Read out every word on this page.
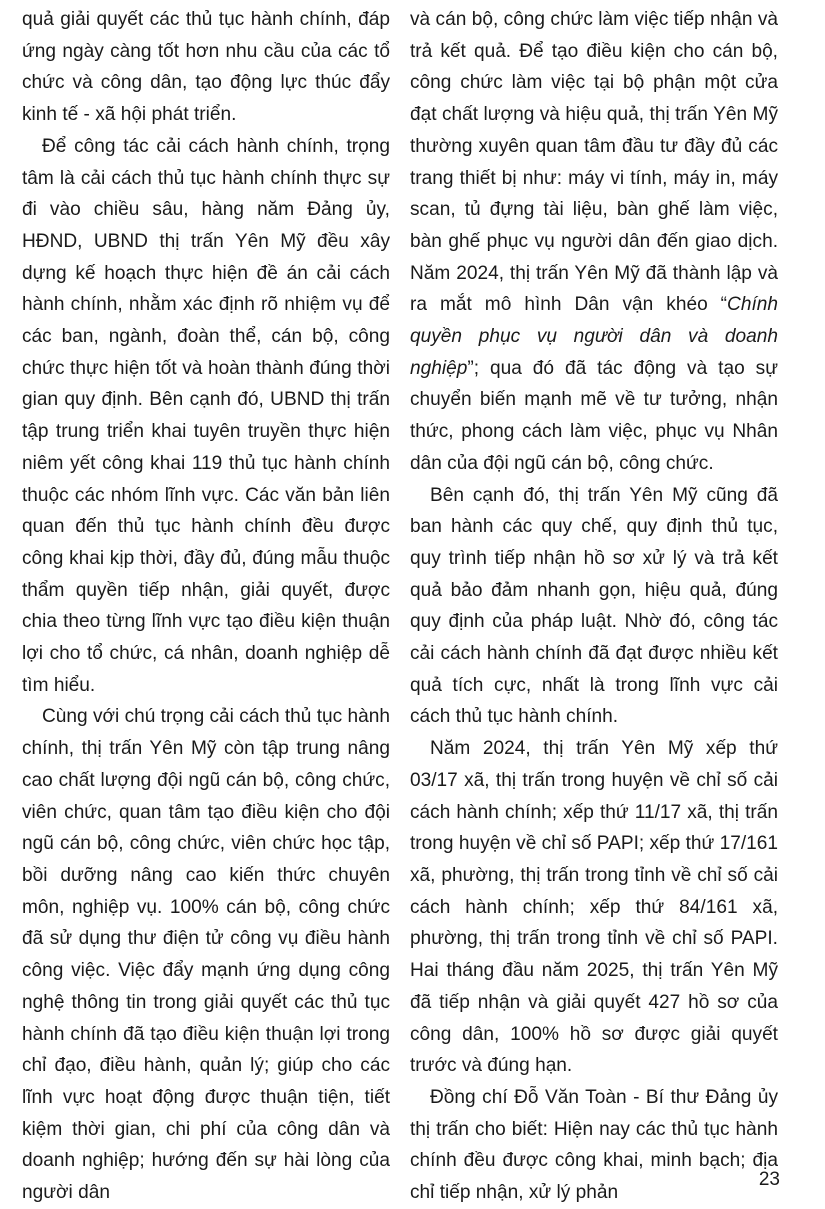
quả giải quyết các thủ tục hành chính, đáp ứng ngày càng tốt hơn nhu cầu của các tổ chức và công dân, tạo động lực thúc đẩy kinh tế - xã hội phát triển.

Để công tác cải cách hành chính, trọng tâm là cải cách thủ tục hành chính thực sự đi vào chiều sâu, hàng năm Đảng ủy, HĐND, UBND thị trấn Yên Mỹ đều xây dựng kế hoạch thực hiện đề án cải cách hành chính, nhằm xác định rõ nhiệm vụ để các ban, ngành, đoàn thể, cán bộ, công chức thực hiện tốt và hoàn thành đúng thời gian quy định. Bên cạnh đó, UBND thị trấn tập trung triển khai tuyên truyền thực hiện niêm yết công khai 119 thủ tục hành chính thuộc các nhóm lĩnh vực. Các văn bản liên quan đến thủ tục hành chính đều được công khai kịp thời, đầy đủ, đúng mẫu thuộc thẩm quyền tiếp nhận, giải quyết, được chia theo từng lĩnh vực tạo điều kiện thuận lợi cho tổ chức, cá nhân, doanh nghiệp dễ tìm hiểu.

Cùng với chú trọng cải cách thủ tục hành chính, thị trấn Yên Mỹ còn tập trung nâng cao chất lượng đội ngũ cán bộ, công chức, viên chức, quan tâm tạo điều kiện cho đội ngũ cán bộ, công chức, viên chức học tập, bồi dưỡng nâng cao kiến thức chuyên môn, nghiệp vụ. 100% cán bộ, công chức đã sử dụng thư điện tử công vụ điều hành công việc. Việc đẩy mạnh ứng dụng công nghệ thông tin trong giải quyết các thủ tục hành chính đã tạo điều kiện thuận lợi trong chỉ đạo, điều hành, quản lý; giúp cho các lĩnh vực hoạt động được thuận tiện, tiết kiệm thời gian, chi phí của công dân và doanh nghiệp; hướng đến sự hài lòng của người dân

và cán bộ, công chức làm việc tiếp nhận và trả kết quả. Để tạo điều kiện cho cán bộ, công chức làm việc tại bộ phận một cửa đạt chất lượng và hiệu quả, thị trấn Yên Mỹ thường xuyên quan tâm đầu tư đầy đủ các trang thiết bị như: máy vi tính, máy in, máy scan, tủ đựng tài liệu, bàn ghế làm việc, bàn ghế phục vụ người dân đến giao dịch. Năm 2024, thị trấn Yên Mỹ đã thành lập và ra mắt mô hình Dân vận khéo “Chính quyền phục vụ người dân và doanh nghiệp”; qua đó đã tác động và tạo sự chuyển biến mạnh mẽ về tư tưởng, nhận thức, phong cách làm việc, phục vụ Nhân dân của đội ngũ cán bộ, công chức.

Bên cạnh đó, thị trấn Yên Mỹ cũng đã ban hành các quy chế, quy định thủ tục, quy trình tiếp nhận hồ sơ xử lý và trả kết quả bảo đảm nhanh gọn, hiệu quả, đúng quy định của pháp luật. Nhờ đó, công tác cải cách hành chính đã đạt được nhiều kết quả tích cực, nhất là trong lĩnh vực cải cách thủ tục hành chính.

Năm 2024, thị trấn Yên Mỹ xếp thứ 03/17 xã, thị trấn trong huyện về chỉ số cải cách hành chính; xếp thứ 11/17 xã, thị trấn trong huyện về chỉ số PAPI; xếp thứ 17/161 xã, phường, thị trấn trong tỉnh về chỉ số cải cách hành chính; xếp thứ 84/161 xã, phường, thị trấn trong tỉnh về chỉ số PAPI. Hai tháng đầu năm 2025, thị trấn Yên Mỹ đã tiếp nhận và giải quyết 427 hồ sơ của công dân, 100% hồ sơ được giải quyết trước và đúng hạn.

Đồng chí Đỗ Văn Toàn - Bí thư Đảng ủy thị trấn cho biết: Hiện nay các thủ tục hành chính đều được công khai, minh bạch; địa chỉ tiếp nhận, xử lý phản

23
